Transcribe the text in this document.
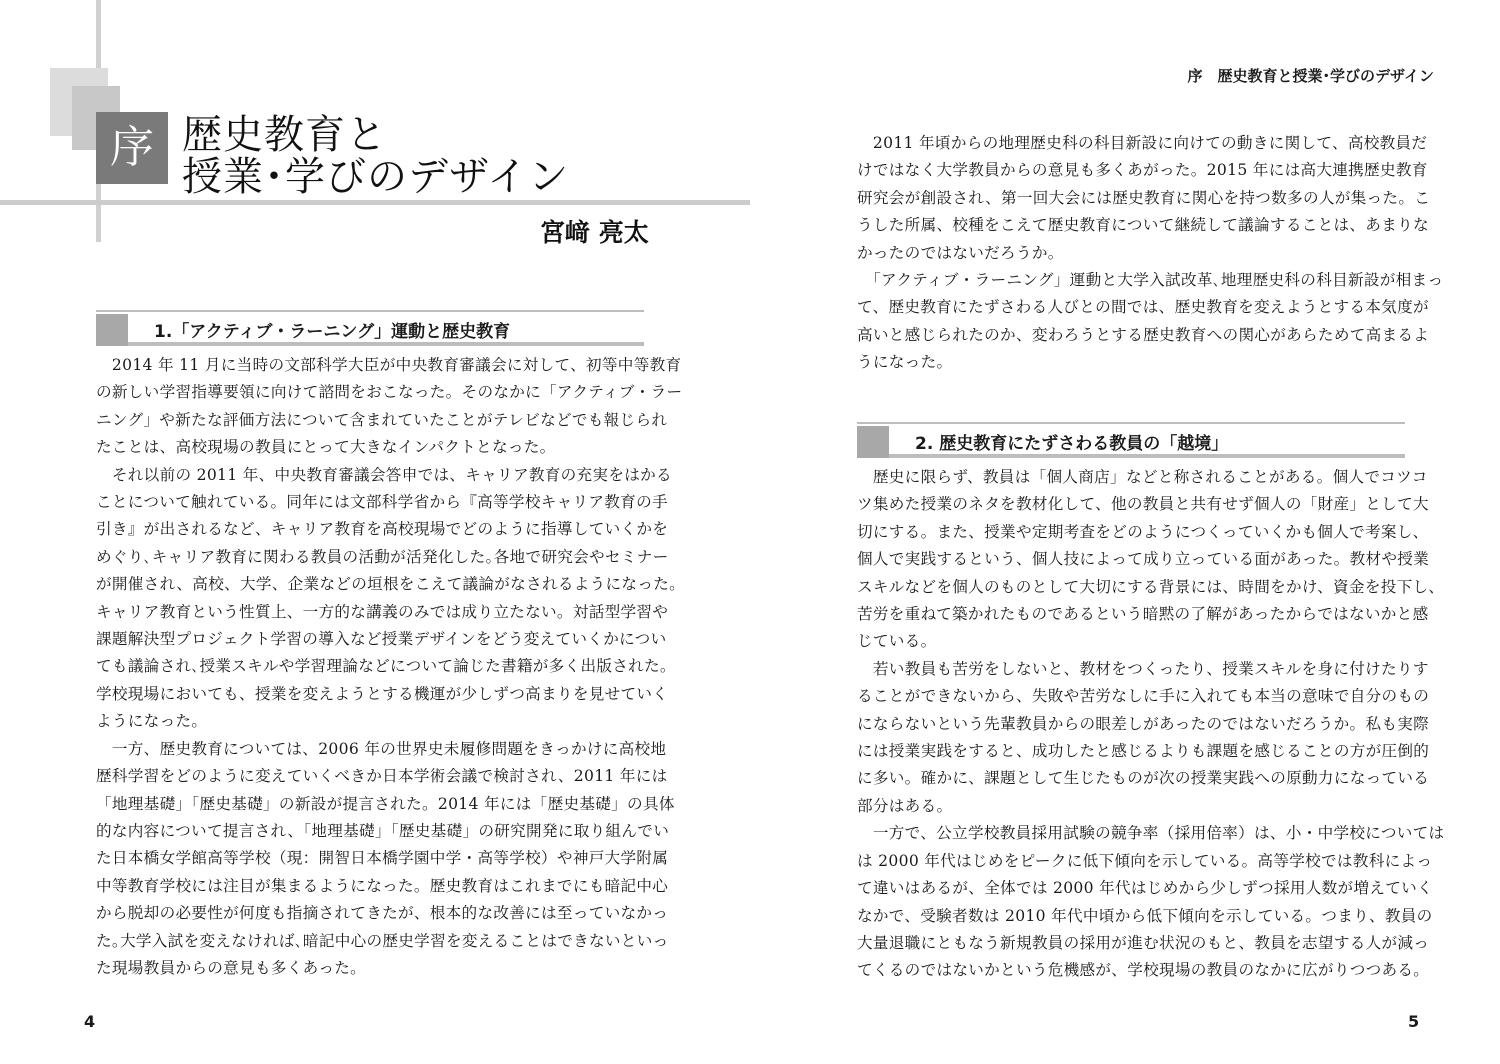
序 歴史教育と
授業･学びのデザイン
宮﨑 亮太
序　歴史教育と授業･学びのデザイン
1.「アクティブ・ラーニング」運動と歴史教育

　2014 年 11 月に当時の文部科学大臣が中央教育審議会に対して、初等中等教育
の新しい学習指導要領に向けて諮問をおこなった。そのなかに「アクティブ・ラー
ニング」や新たな評価方法について含まれていたことがテレビなどでも報じられ
たことは、高校現場の教員にとって大きなインパクトとなった。

　それ以前の 2011 年、中央教育審議会答申では、キャリア教育の充実をはかる
ことについて触れている。同年には文部科学省から『高等学校キャリア教育の手
引き』が出されるなど、キャリア教育を高校現場でどのように指導していくかを
めぐり､キャリア教育に関わる教員の活動が活発化した｡各地で研究会やセミナー
が開催され、高校、大学、企業などの垣根をこえて議論がなされるようになった。
キャリア教育という性質上、一方的な講義のみでは成り立たない。対話型学習や
課題解決型プロジェクト学習の導入など授業デザインをどう変えていくかについ
ても議論され､授業スキルや学習理論などについて論じた書籍が多く出版された。
学校現場においても、授業を変えようとする機運が少しずつ高まりを見せていく
ようになった。

　一方、歴史教育については、2006 年の世界史未履修問題をきっかけに高校地
歴科学習をどのように変えていくべきか日本学術会議で検討され、2011 年には
「地理基礎」「歴史基礎」の新設が提言された。2014 年には「歴史基礎」の具体
的な内容について提言され、「地理基礎」「歴史基礎」の研究開発に取り組んでい
た日本橋女学館高等学校（現：開智日本橋学園中学・高等学校）や神戸大学附属
中等教育学校には注目が集まるようになった。歴史教育はこれまでにも暗記中心
から脱却の必要性が何度も指摘されてきたが、根本的な改善には至っていなかっ
た｡大学入試を変えなければ､暗記中心の歴史学習を変えることはできないといっ
た現場教員からの意見も多くあった。

　2011 年頃からの地理歴史科の科目新設に向けての動きに関して、高校教員だ
けではなく大学教員からの意見も多くあがった。2015 年には高大連携歴史教育
研究会が創設され、第一回大会には歴史教育に関心を持つ数多の人が集った。こ
うした所属、校種をこえて歴史教育について継続して議論することは、あまりな
かったのではないだろうか。

　「アクティブ・ラーニング」運動と大学入試改革､地理歴史科の科目新設が相まっ
て、歴史教育にたずさわる人びとの間では、歴史教育を変えようとする本気度が
高いと感じられたのか、変わろうとする歴史教育への関心があらためて高まるよ
うになった。

2. 歴史教育にたずさわる教員の「越境」

　歴史に限らず、教員は「個人商店」などと称されることがある。個人でコツコ
ツ集めた授業のネタを教材化して、他の教員と共有せず個人の「財産」として大
切にする。また、授業や定期考査をどのようにつくっていくかも個人で考案し、
個人で実践するという、個人技によって成り立っている面があった。教材や授業
スキルなどを個人のものとして大切にする背景には、時間をかけ、資金を投下し、
苦労を重ねて築かれたものであるという暗黙の了解があったからではないかと感
じている。

　若い教員も苦労をしないと、教材をつくったり、授業スキルを身に付けたりす
ることができないから、失敗や苦労なしに手に入れても本当の意味で自分のもの
にならないという先輩教員からの眼差しがあったのではないだろうか。私も実際
には授業実践をすると、成功したと感じるよりも課題を感じることの方が圧倒的
に多い。確かに、課題として生じたものが次の授業実践への原動力になっている
部分はある。

　一方で、公立学校教員採用試験の競争率（採用倍率）は、小・中学校については
は 2000 年代はじめをピークに低下傾向を示している。高等学校では教科によっ
て違いはあるが、全体では 2000 年代はじめから少しずつ採用人数が増えていく
なかで、受験者数は 2010 年代中頃から低下傾向を示している。つまり、教員の
大量退職にともなう新規教員の採用が進む状況のもと、教員を志望する人が減っ
てくるのではないかという危機感が、学校現場の教員のなかに広がりつつある。

4	5
